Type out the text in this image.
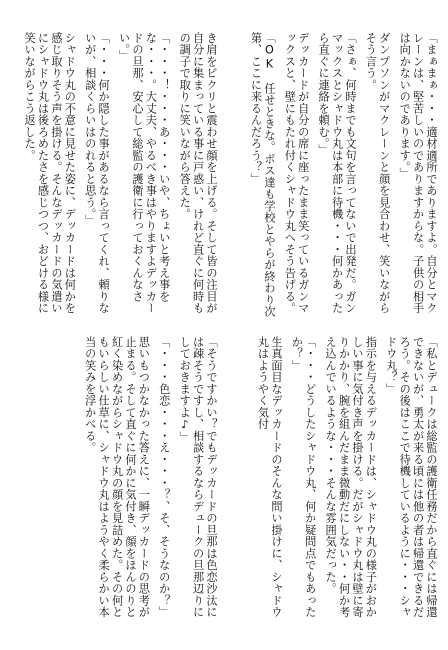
「まぁまぁ・・・適材適所でありますよ。自分とマクレーンは、堅苦しいのでありますからな。子供の相手は向かないのであります。」
ダンプソンがマクレーンと顔を見合わせ、笑いながらそう言う。
「さぁ、何時までも文句を言ってないで出発だ。ガンマックスとシャドウ丸は本部に待機・・・何かあったら直ぐに連絡を頼む。」
デッカードが自分の席に座ったまま笑っているガンマックスと、壁にもたれ付くシャドウ丸へそう告げる。
「OK　任せときな。ボス達も学校とやらが終わり次第、ここに来るんだろう？」
「私とデュークは総監の護衛任務だから直ぐには帰還できないが、勇太が来る頃には他の者は帰還できるだろう。その後はここで待機しているように・・・シャドウ丸？」
指示を与えるデッカードは、シャドウ丸の様子がおかしい事に気付き声を掛ける。だがシャドウ丸は壁に寄りかかり、腕を組んだまま微動だにしない・・何か考え込んでいるような・・・そんな雰囲気だった。
「・・・どうしたシャドウ丸、何か疑問点でもあったか？」
生真面目なデッカードのそんな問い掛けに、シャドウ丸はようやく気付
き肩をビクリと震わせ顔を上げる。そして皆の注目が自分に集まっている事に戸惑い、けれど直ぐに何時もの調子で取りに笑いながら答えた。
「・・・！・・・あ・・・いや、ちょいと考え事をな・・・。大丈夫、やるべき事はやりますよデッカードの旦那、安心して総監の護衛に行っておくんなさい。」
「・・・何か隠した事があるなら言ってくれ、頼りないが、相談くらいはのれると思う。」
シャドウ丸の不意に見せた姿に、デッカードは何かを感じ取りそう声を掛ける。そんなデッカードの気遣いにシャドウ丸は後ろめたさを感じつつ、おどける様に笑いながらこう返した。
「そうですかい？でもデッカードの旦那は色恋沙汰には疎そうですし、相談するならデュークの旦那辺りにしておきますよ♪」
「・・・色恋・・・え・・・？、そ、そうなのか？」
思いもつかなかった答えに、一瞬デッカードの思考が止まる。そして直ぐに何かに気付き、顔をほんのりと紅く染めながらシャドウ丸の顔を見詰めた。その何ともいらしい仕草に、シャドウ丸はようやく柔らかい本当の笑みを浮かべる。
